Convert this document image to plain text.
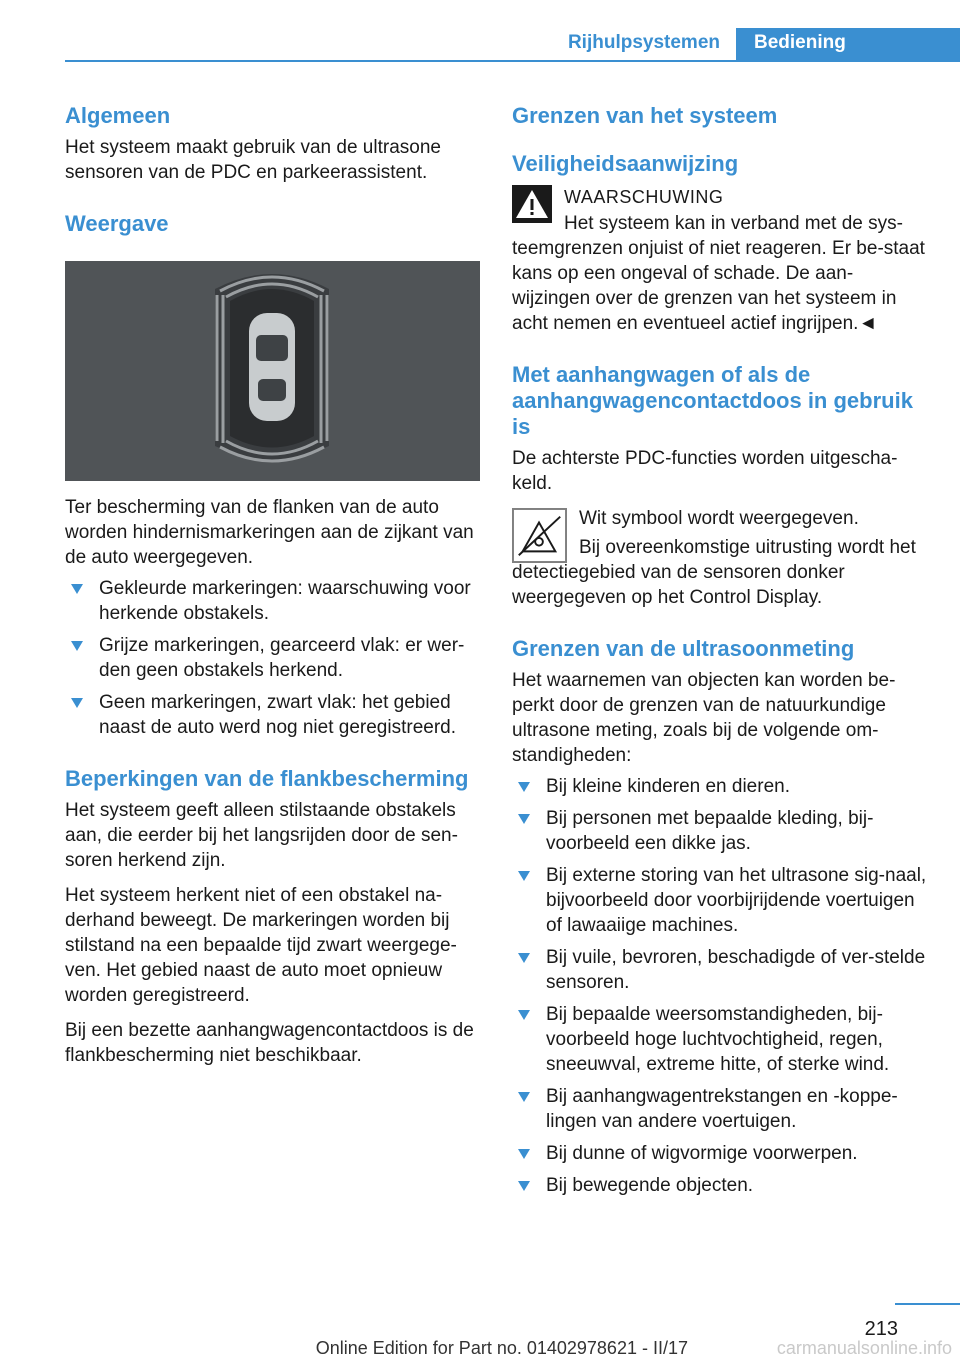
Rijhulpsystemen	Bediening
Algemeen

Het systeem maakt gebruik van de ultrasone sensoren van de PDC en parkeerassistent.

Weergave

Ter bescherming van de flanken van de auto worden hindernismarkeringen aan de zijkant van de auto weergegeven.

Gekleurde markeringen: waarschuwing voor herkende obstakels.
Grijze markeringen, gearceerd vlak: er wer-den geen obstakels herkend.
Geen markeringen, zwart vlak: het gebied naast de auto werd nog niet geregistreerd.
Beperkingen van de flankbescherming

Het systeem geeft alleen stilstaande obstakels aan, die eerder bij het langsrijden door de sen-soren herkend zijn.

Het systeem herkent niet of een obstakel na-derhand beweegt. De markeringen worden bij stilstand na een bepaalde tijd zwart weergege-ven. Het gebied naast de auto moet opnieuw worden geregistreerd.

Bij een bezette aanhangwagencontactdoos is de flankbescherming niet beschikbaar.

Grenzen van het systeem
Veiligheidsaanwijzing

WAARSCHUWING

Het systeem kan in verband met de sys-teemgrenzen onjuist of niet reageren. Er be-staat kans op een ongeval of schade. De aan-wijzingen over de grenzen van het systeem in acht nemen en eventueel actief ingrijpen.◄

Met aanhangwagen of als de aanhangwagencontactdoos in gebruik is

De achterste PDC-functies worden uitgescha-keld.

Wit symbool wordt weergegeven.

Bij overeenkomstige uitrusting wordt het detectiegebied van de sensoren donker weergegeven op het Control Display.

Grenzen van de ultrasoonmeting

Het waarnemen van objecten kan worden be-perkt door de grenzen van de natuurkundige ultrasone meting, zoals bij de volgende om-standigheden:

Bij kleine kinderen en dieren.
Bij personen met bepaalde kleding, bij-voorbeeld een dikke jas.
Bij externe storing van het ultrasone sig-naal, bijvoorbeeld door voorbijrijdende voertuigen of lawaaiige machines.
Bij vuile, bevroren, beschadigde of ver-stelde sensoren.
Bij bepaalde weersomstandigheden, bij-voorbeeld hoge luchtvochtigheid, regen, sneeuwval, extreme hitte, of sterke wind.
Bij aanhangwagentrekstangen en -koppe-lingen van andere voertuigen.
Bij dunne of wigvormige voorwerpen.
Bij bewegende objecten.
213
Online Edition for Part no. 01402978621 - II/17	carmanualsonline.info
